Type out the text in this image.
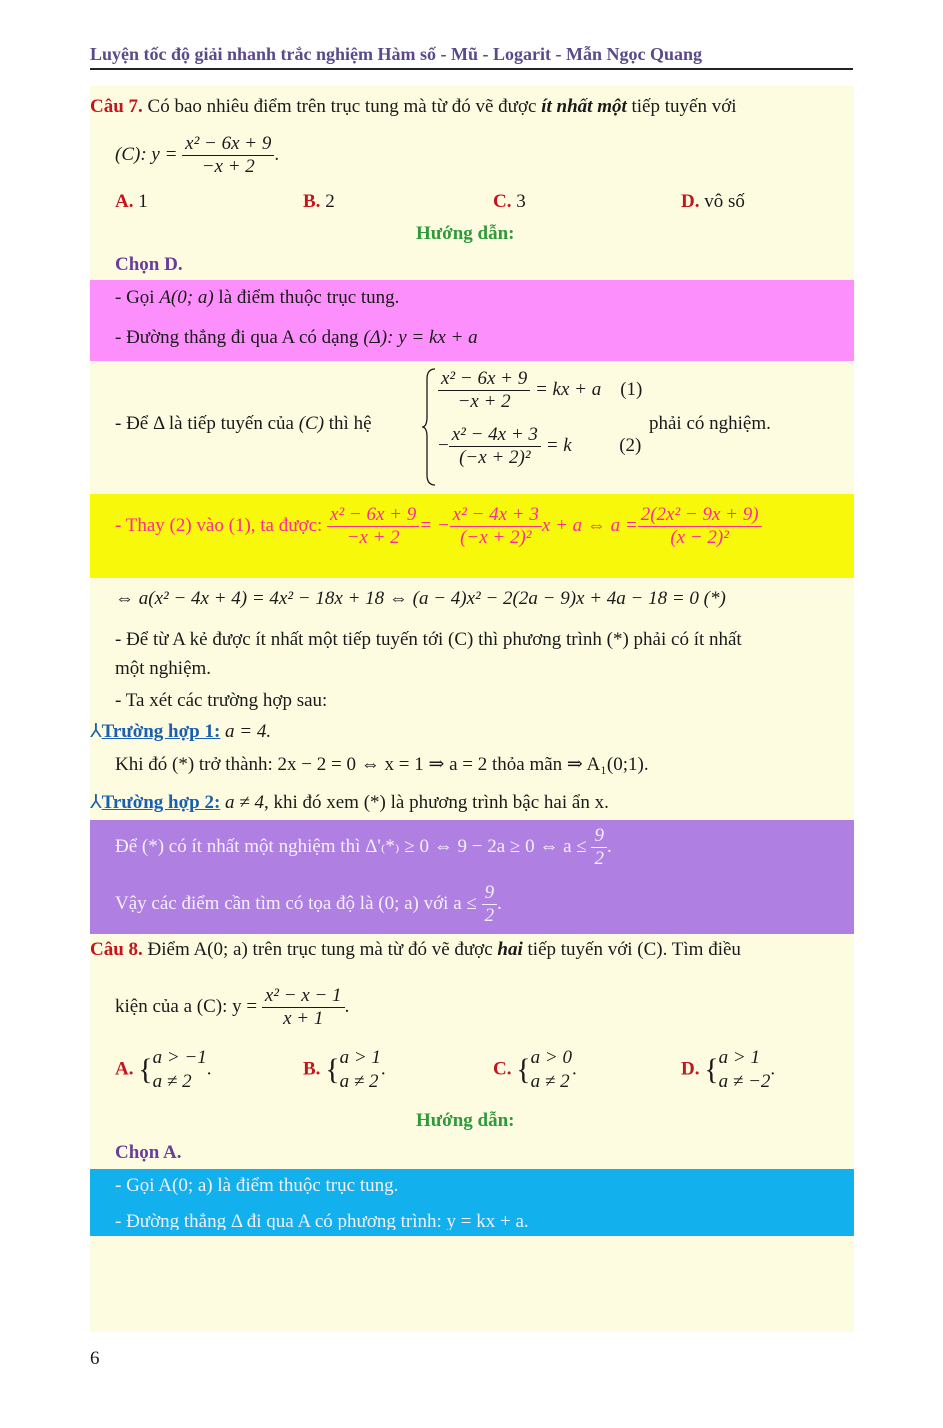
Luyện tốc độ giải nhanh trắc nghiệm Hàm số - Mũ - Logarit - Mẫn Ngọc Quang
Câu 7. Có bao nhiêu điểm trên trục tung mà từ đó vẽ được ít nhất một tiếp tuyến với
(C): $y = \frac{\text{x² − 6x + 9}}{-x + 2}$ .
A. 1	B. 2	C. 3	D. vô số
Hướng dẫn:
Chọn D.
- Gọi A(0; a) là điểm thuộc trục tung.
- Đường thẳng đi qua A có dạng (Δ): y = kx + a
- Để Δ là tiếp tuyến của (C) thì hệ
$\frac{\text{x² − 6x + 9}}{-x + 2}$ = kx + a (1)
− $\frac{\text{x² − 4x + 3}}{\text{(−x + 2)²}} = k$	(2)
phải có nghiệm.
- Thay (2) vào (1), ta được: $\frac{\text{x² − 6x + 9}}{-x + 2}$ = − $\frac{\text{x² − 4x + 3}}{\text{(−x + 2)²}}$ x + a ⇔ $a = \frac{\text{2(2x² − 9x + 9)}}{\text{(x − 2)²}}$
⇔ a(x² − 4x + 4) = 4x² − 18x + 18 ⇔ (a − 4)x² − 2(2a − 9)x + 4a − 18 = 0 (*)
- Để từ A kẻ được ít nhất một tiếp tuyến tới (C) thì phương trình (*) phải có ít nhất
một nghiệm.
- Ta xét các trường hợp sau:
⅄Trường hợp 1: a = 4.
Khi đó (*) trở thành: 2x − 2 = 0 ⇔ x = 1 ⇒ a = 2 thỏa mãn ⇒ A₁(0;1).
⅄Trường hợp 2: a ≠ 4, khi đó xem (*) là phương trình bậc hai ẩn x.
Để (*) có ít nhất một nghiệm thì Δ'₍*₎ ≥ 0 ⇔ 9 − 2a ≥ 0 ⇔ $a \le \frac{9}{2}$ .
Vậy các điểm cần tìm có tọa độ là (0; a) với $a \le \frac{9}{2}$ .
Câu 8. Điểm A(0; a) trên trục tung mà từ đó vẽ được hai tiếp tuyến với (C). Tìm điều
kiện của a (C): $y = \frac{\text{x² − x − 1}}{x + 1}$ .
A. { a > −1
a ≠ 2
.	B. { a > 1
a ≠ 2
.	C. { a > 0
a ≠ 2
.	D. { a > 1
a ≠ −2
.
Hướng dẫn:
Chọn A.
- Gọi A(0; a) là điểm thuộc trục tung.
- Đường thẳng Δ đi qua A có phương trình: y = kx + a.
6
